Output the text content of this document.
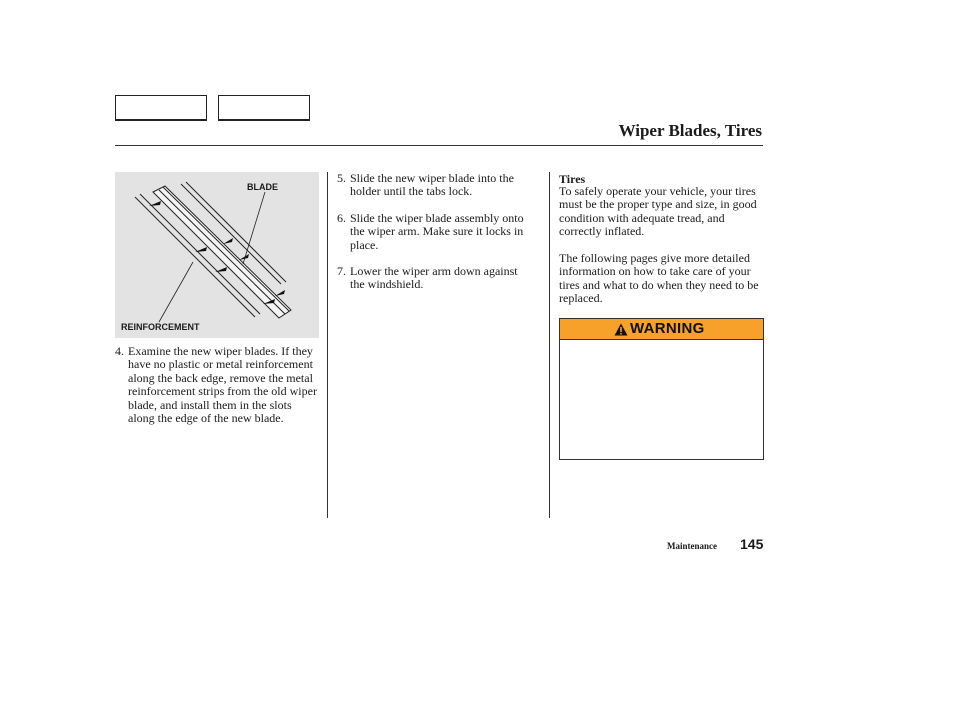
Wiper Blades, Tires
BLADE
REINFORCEMENT
4. Examine the new wiper blades. If they have no plastic or metal reinforcement along the back edge, remove the metal reinforcement strips from the old wiper blade, and install them in the slots along the edge of the new blade.
5. Slide the new wiper blade into the holder until the tabs lock.
6. Slide the wiper blade assembly onto the wiper arm. Make sure it locks in place.
7. Lower the wiper arm down against the windshield.
Tires
To safely operate your vehicle, your tires must be the proper type and size, in good condition with adequate tread, and correctly inflated.
The following pages give more detailed information on how to take care of your tires and what to do when they need to be replaced.
WARNING
Maintenance 145
